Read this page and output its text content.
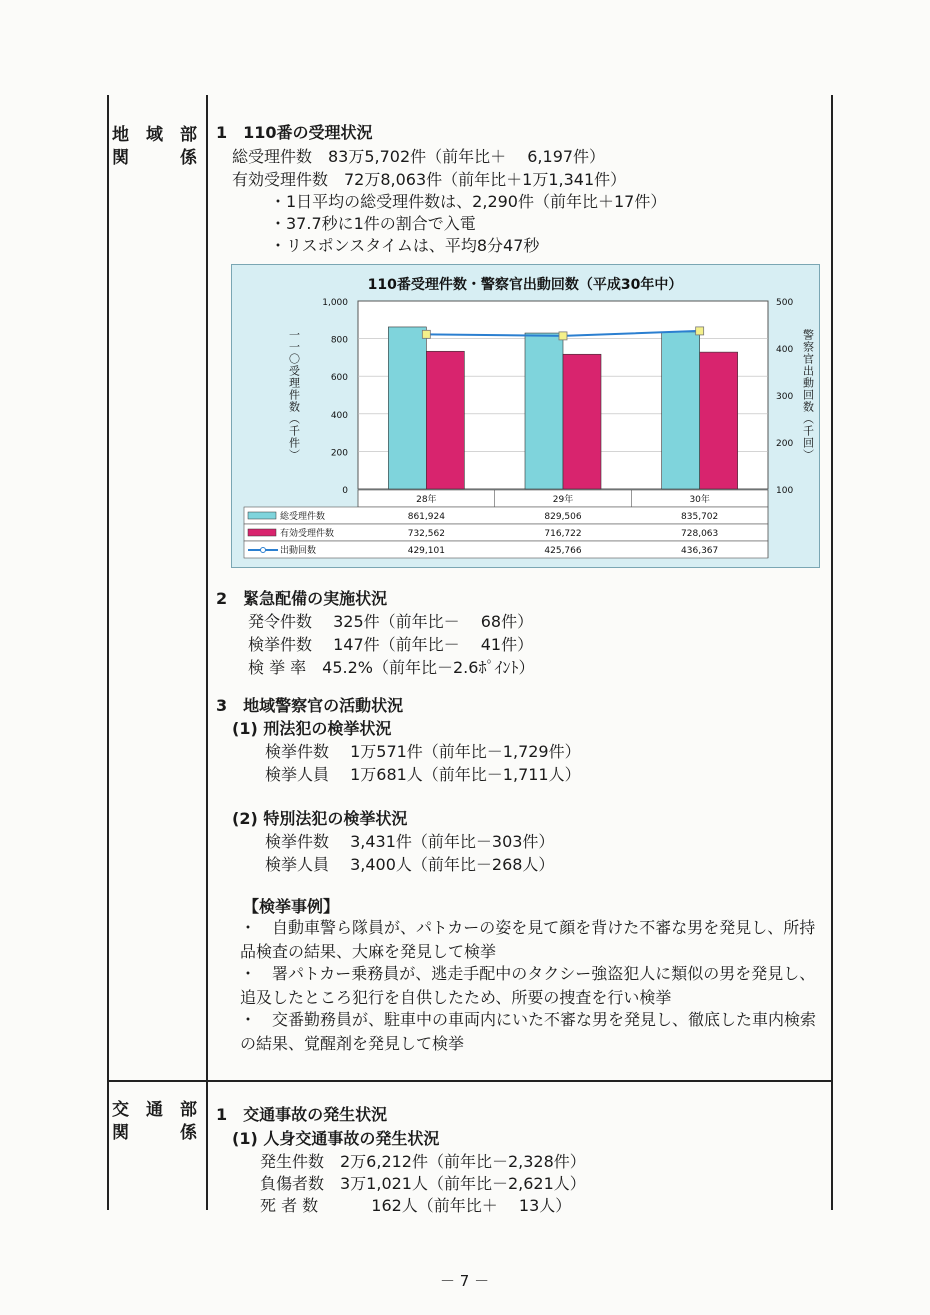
地　域　部
関　　　係
1　110番の受理状況
総受理件数　83万5,702件（前年比＋　 6,197件）
有効受理件数　72万8,063件（前年比＋1万1,341件）
・1日平均の総受理件数は、2,290件（前年比＋17件）
・37.7秒に1件の割合で入電
・リスポンスタイムは、平均8分47秒
110番受理件数・警察官出動回数（平成30年中）
1,000
800
600
400
200
0
500
400
300
200
100
一一〇受理件数（千件）	警察官出動回数（千回）
28年	29年	30年
総受理件数	861,924	829,506	835,702
有効受理件数	732,562	716,722	728,063
出動回数	429,101	425,766	436,367
2　緊急配備の実施状況
発令件数　 325件（前年比－　 68件）
検挙件数　 147件（前年比－　 41件）
検 挙 率　45.2%（前年比－2.6ﾎﾟｲﾝﾄ）
3　地域警察官の活動状況
(1) 刑法犯の検挙状況
検挙件数　 1万571件（前年比－1,729件）
検挙人員　 1万681人（前年比－1,711人）
(2) 特別法犯の検挙状況
検挙件数　 3,431件（前年比－303件）
検挙人員　 3,400人（前年比－268人）
【検挙事例】
・　自動車警ら隊員が、パトカーの姿を見て顔を背けた不審な男を発見し、所持品検査の結果、大麻を発見して検挙
・　署パトカー乗務員が、逃走手配中のタクシー強盗犯人に類似の男を発見し、追及したところ犯行を自供したため、所要の捜査を行い検挙
・　交番勤務員が、駐車中の車両内にいた不審な男を発見し、徹底した車内検索の結果、覚醒剤を発見して検挙
交　通　部
関　　　係
1　交通事故の発生状況
(1) 人身交通事故の発生状況
発生件数　2万6,212件（前年比－2,328件）
負傷者数　3万1,021人（前年比－2,621人）
死 者 数　　　 162人（前年比＋　 13人）
－ 7 －
